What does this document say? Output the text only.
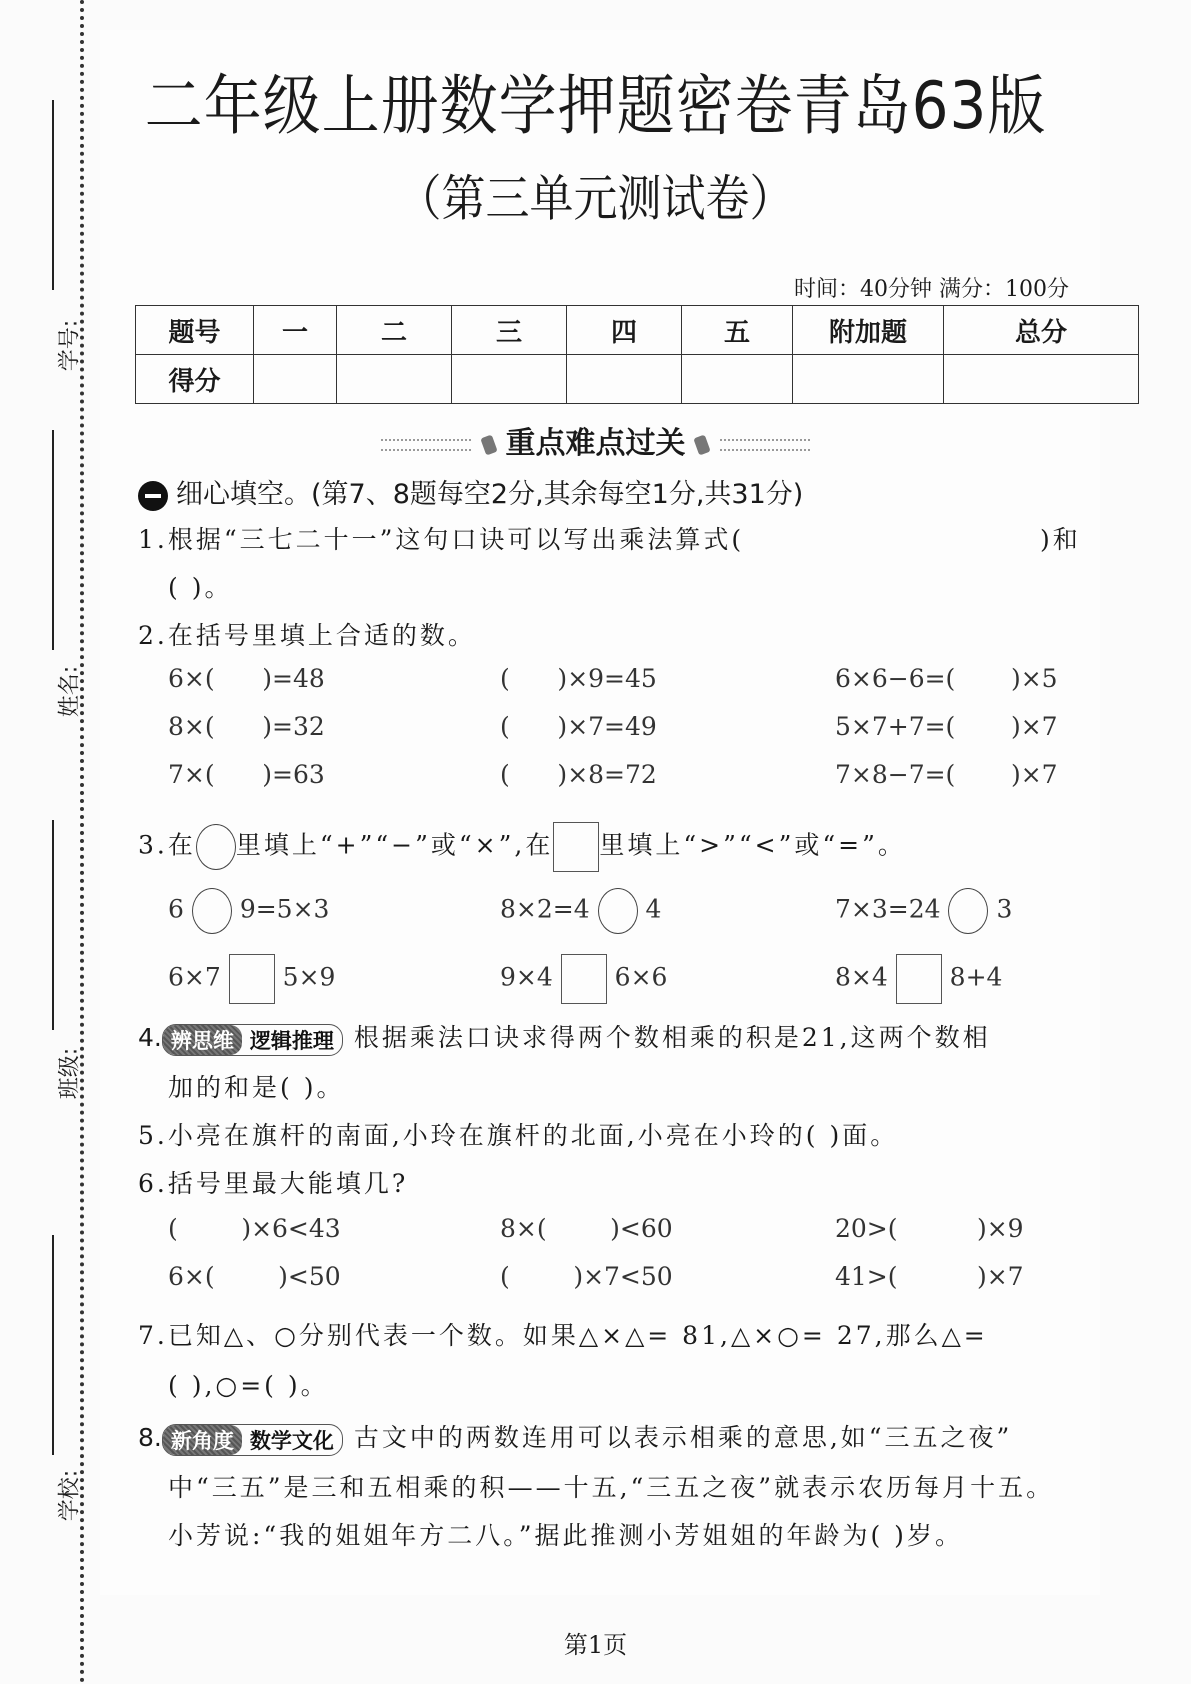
学号:
姓名:
班级:
学校:
二年级上册数学押题密卷青岛63版
（第三单元测试卷）
时间：40分钟 满分：100分
题号	一	二	三	四	五	附加题	总分
得分							
重点难点过关
细心填空。(第7、8题每空2分,其余每空1分,共31分)
1.根据“三七二十一”这句口诀可以写出乘法算式(	)和
( )。
2.在括号里填上合适的数。
6×(      )=48	(      )×9=45	6×6−6=(       )×5
8×(      )=32	(      )×7=49	5×7+7=(       )×7
7×(      )=63	(      )×8=72	7×8−7=(       )×7
3.在 里填上“+”“−”或“×”,在 里填上“>”“<”或“=”。
6 9=5×3	8×2=4 4	7×3=24 3
6×7 5×9	9×4 6×6	8×4 8+4
4. 辨思维 逻辑推理 根据乘法口诀求得两个数相乘的积是21,这两个数相
加的和是( )。
5.小亮在旗杆的南面,小玲在旗杆的北面,小亮在小玲的( )面。
6.括号里最大能填几?
(        )×6<43	8×(        )<60	20>(          )×9
6×(        )<50	(        )×7<50	41>(          )×7
7.已知△、○分别代表一个数。如果△×△= 81,△×○= 27,那么△=
( ),○=( )。
8. 新角度 数学文化 古文中的两数连用可以表示相乘的意思,如“三五之夜”
中“三五”是三和五相乘的积——十五,“三五之夜”就表示农历每月十五。
小芳说:“我的姐姐年方二八。”据此推测小芳姐姐的年龄为( )岁。
第1页
